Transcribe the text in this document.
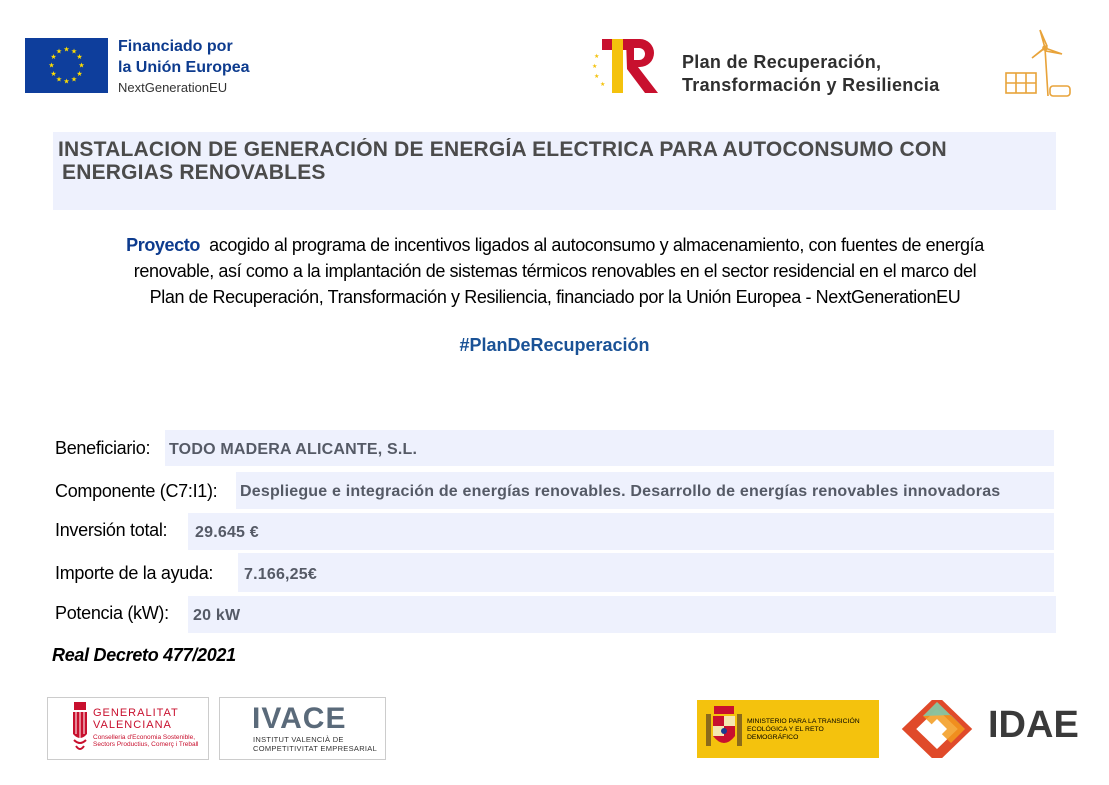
★ ★
★
★
★
★
★
★
★
★
★
★	Financiado por
la Unión Europea
NextGenerationEU
★
★
★
★
Plan de Recuperación,
Transformación y Resiliencia
INSTALACION DE GENERACIÓN DE ENERGÍA ELECTRICA PARA AUTOCONSUMO CON
ENERGIAS RENOVABLES
Proyecto acogido al programa de incentivos ligados al autoconsumo y almacenamiento, con fuentes de energía
renovable, así como a la implantación de sistemas térmicos renovables en el sector residencial en el marco del
Plan de Recuperación, Transformación y Resiliencia, financiado por la Unión Europea - NextGenerationEU
#PlanDeRecuperación
Beneficiario: TODO MADERA ALICANTE, S.L.
Componente (C7:I1): Despliegue e integración de energías renovables. Desarrollo de energías renovables innovadoras
Inversión total: 29.645 €
Importe de la ayuda: 7.166,25€
Potencia (kW): 20 kW
Real Decreto 477/2021
GENERALITAT
VALENCIANA
Conselleria d'Economia Sostenible, Sectors Productius, Comerç i Treball
IVACE
INSTITUT VALENCIÀ DE COMPETITIVITAT EMPRESARIAL
MINISTERIO PARA LA TRANSICIÓN ECOLÓGICA Y EL RETO DEMOGRÁFICO	IDAE
